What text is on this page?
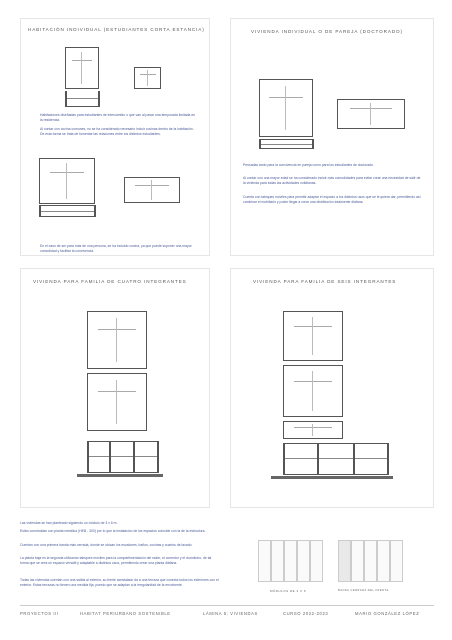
HABITACIÓN INDIVIDUAL (ESTUDIANTES CORTA ESTANCIA)
Habitaciones diseñadas para estudiantes de intercambio o que van al pasar una temporada limitada en la residencia.
Al contar con cocina comunes, no se ha considerado necesario incluir cocinas dentro de la habitación. De esta forma se trata de fomentar las relaciones entre los distintos estudiantes.
En el caso de ser para más de una persona, se ha incluido cocina, ya que puede suponer una mayor comodidad y facilitar la convivencia.
VIVIENDA INDIVIDUAL O DE PAREJA (DOCTORADO)
Pensadas tanto para la convivencia en pareja como para los estudiantes de doctorado.
Al contar con una mayor edad se ha considerado incluir más comodidades para evitar crear una necesidad de salir de la vivienda para todas las actividades cotidianas.
Cuenta con tabiques móviles para permitir adaptar el espacio a los distintos usos que se le quiera dar, permitiendo así combinar el mobiliario y poder llegar a crear una distribución totalmente diáfana.
VIVIENDA PARA FAMILIA DE CUATRO INTEGRANTES	VIVIENDA PARA FAMILIA DE SEIS INTEGRANTES
Las viviendas se han planteado siguiendo un módulo de 3 x 6 m.
Están construidas con planta metálica (HEB - 300) por lo que la instalación de los espacios coincide con la de la estructura.
Cuentan con una primera banda más cerrada, donde se ubican los escalones, baños, cocinas y cuartos de lavado.
La planta baja es la segunda utilizando tabiques móviles para la compartimentación del salón, el comedor y el dormitorio, de tal forma que se crea un espacio versátil y adaptable a distintos usos, permitiendo crear una planta diáfana.
Todas las viviendas cuentan con una salida al exterior, su frente acristalado da a una terraza que conecta todos los exteriores con el exterior. Estas terrazas no tienen una medida fija, puesto que se adaptan a la irregularidad de la envolvente.
MÓDULOS DE 3 X 6	BANDA CERRADA DEL FRENTE
PROYECTOS III	HABITAT PERIURBANO SOSTENIBLE	LÁMINA 5: VIVIENDAS	CURSO 2022-2023	MARIO GONZÁLEZ LÓPEZ
